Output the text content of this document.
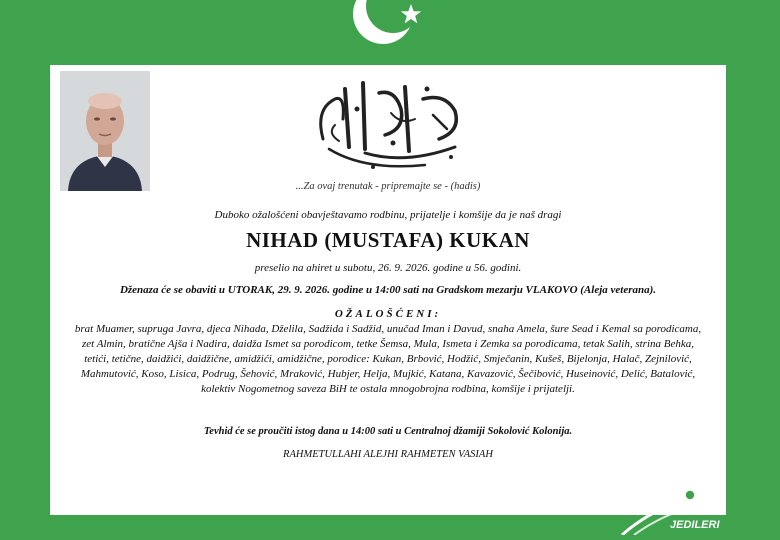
...Za ovaj trenutak - pripremajte se - (hadis)
Duboko ožalošćeni obavještavamo rodbinu, prijatelje i komšije da je naš dragi
NIHAD (MUSTAFA) KUKAN
preselio na ahiret u subotu, 26. 9. 2026. godine u 56. godini.
Dženaza će se obaviti u UTORAK, 29. 9. 2026. godine u 14:00 sati na Gradskom mezarju VLAKOVO (Aleja veterana).
OŽALOŠĆENI:
brat Muamer, supruga Javra, djeca Nihada, Dželila, Sadžida i Sadžid, unučad Iman i Davud, snaha Amela, šure Sead i Kemal sa porodicama, zet Almin, bratične Ajša i Nadira, daidža Ismet sa porodicom, tetke Šemsa, Mula, Ismeta i Zemka sa porodicama, tetak Salih, strina Behka, tetići, tetične, daidžići, daidžične, amidžići, amidžične, porodice: Kukan, Brbović, Hodžić, Smječanin, Kušeš, Bijelonja, Halač, Zejnilović, Mahmutović, Koso, Lisica, Podrug, Šehović, Mraković, Hubjer, Helja, Mujkić, Katana, Kavazović, Šečibović, Huseinović, Delić, Batalović, kolektiv Nogometnog saveza BiH te ostala mnogobrojna rodbina, komšije i prijatelji.
Tevhid će se proučiti istog dana u 14:00 sati u Centralnoj džamiji Sokolović Kolonija.
RAHMETULLAHI ALEJHI RAHMETEN VASIAH
JEDILERI
